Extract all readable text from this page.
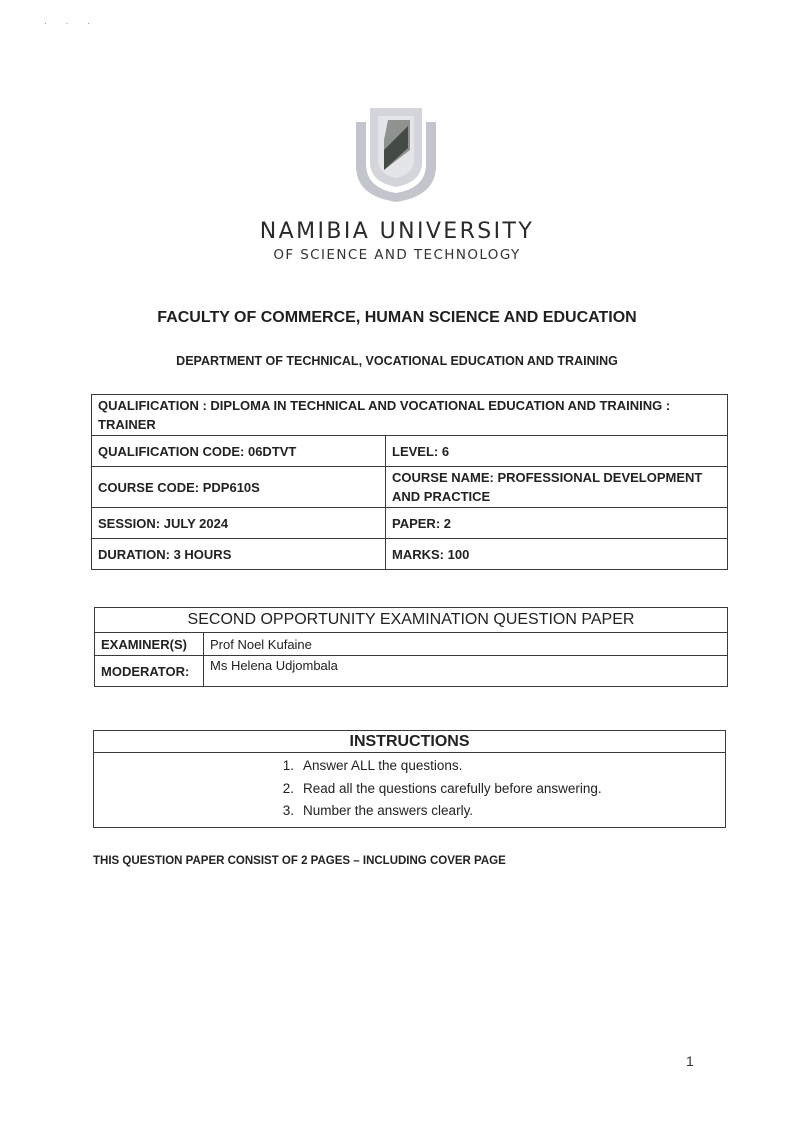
· · ·
NAMIBIA UNIVERSITY
OF SCIENCE AND TECHNOLOGY
FACULTY OF COMMERCE, HUMAN SCIENCE AND EDUCATION
DEPARTMENT OF TECHNICAL, VOCATIONAL EDUCATION AND TRAINING
QUALIFICATION : DIPLOMA IN TECHNICAL AND VOCATIONAL EDUCATION AND TRAINING : TRAINER	
QUALIFICATION CODE: 06DTVT	LEVEL: 6
COURSE CODE: PDP610S	COURSE NAME: PROFESSIONAL DEVELOPMENT AND PRACTICE
SESSION: JULY 2024	PAPER: 2
DURATION: 3 HOURS	MARKS: 100
SECOND OPPORTUNITY EXAMINATION QUESTION PAPER	
EXAMINER(S)	Prof Noel Kufaine
MODERATOR:	Ms Helena Udjombala
INSTRUCTIONS

1. Answer ALL the questions.
2. Read all the questions carefully before answering.
3. Number the answers clearly.
THIS QUESTION PAPER CONSIST OF 2 PAGES – INCLUDING COVER PAGE
1
